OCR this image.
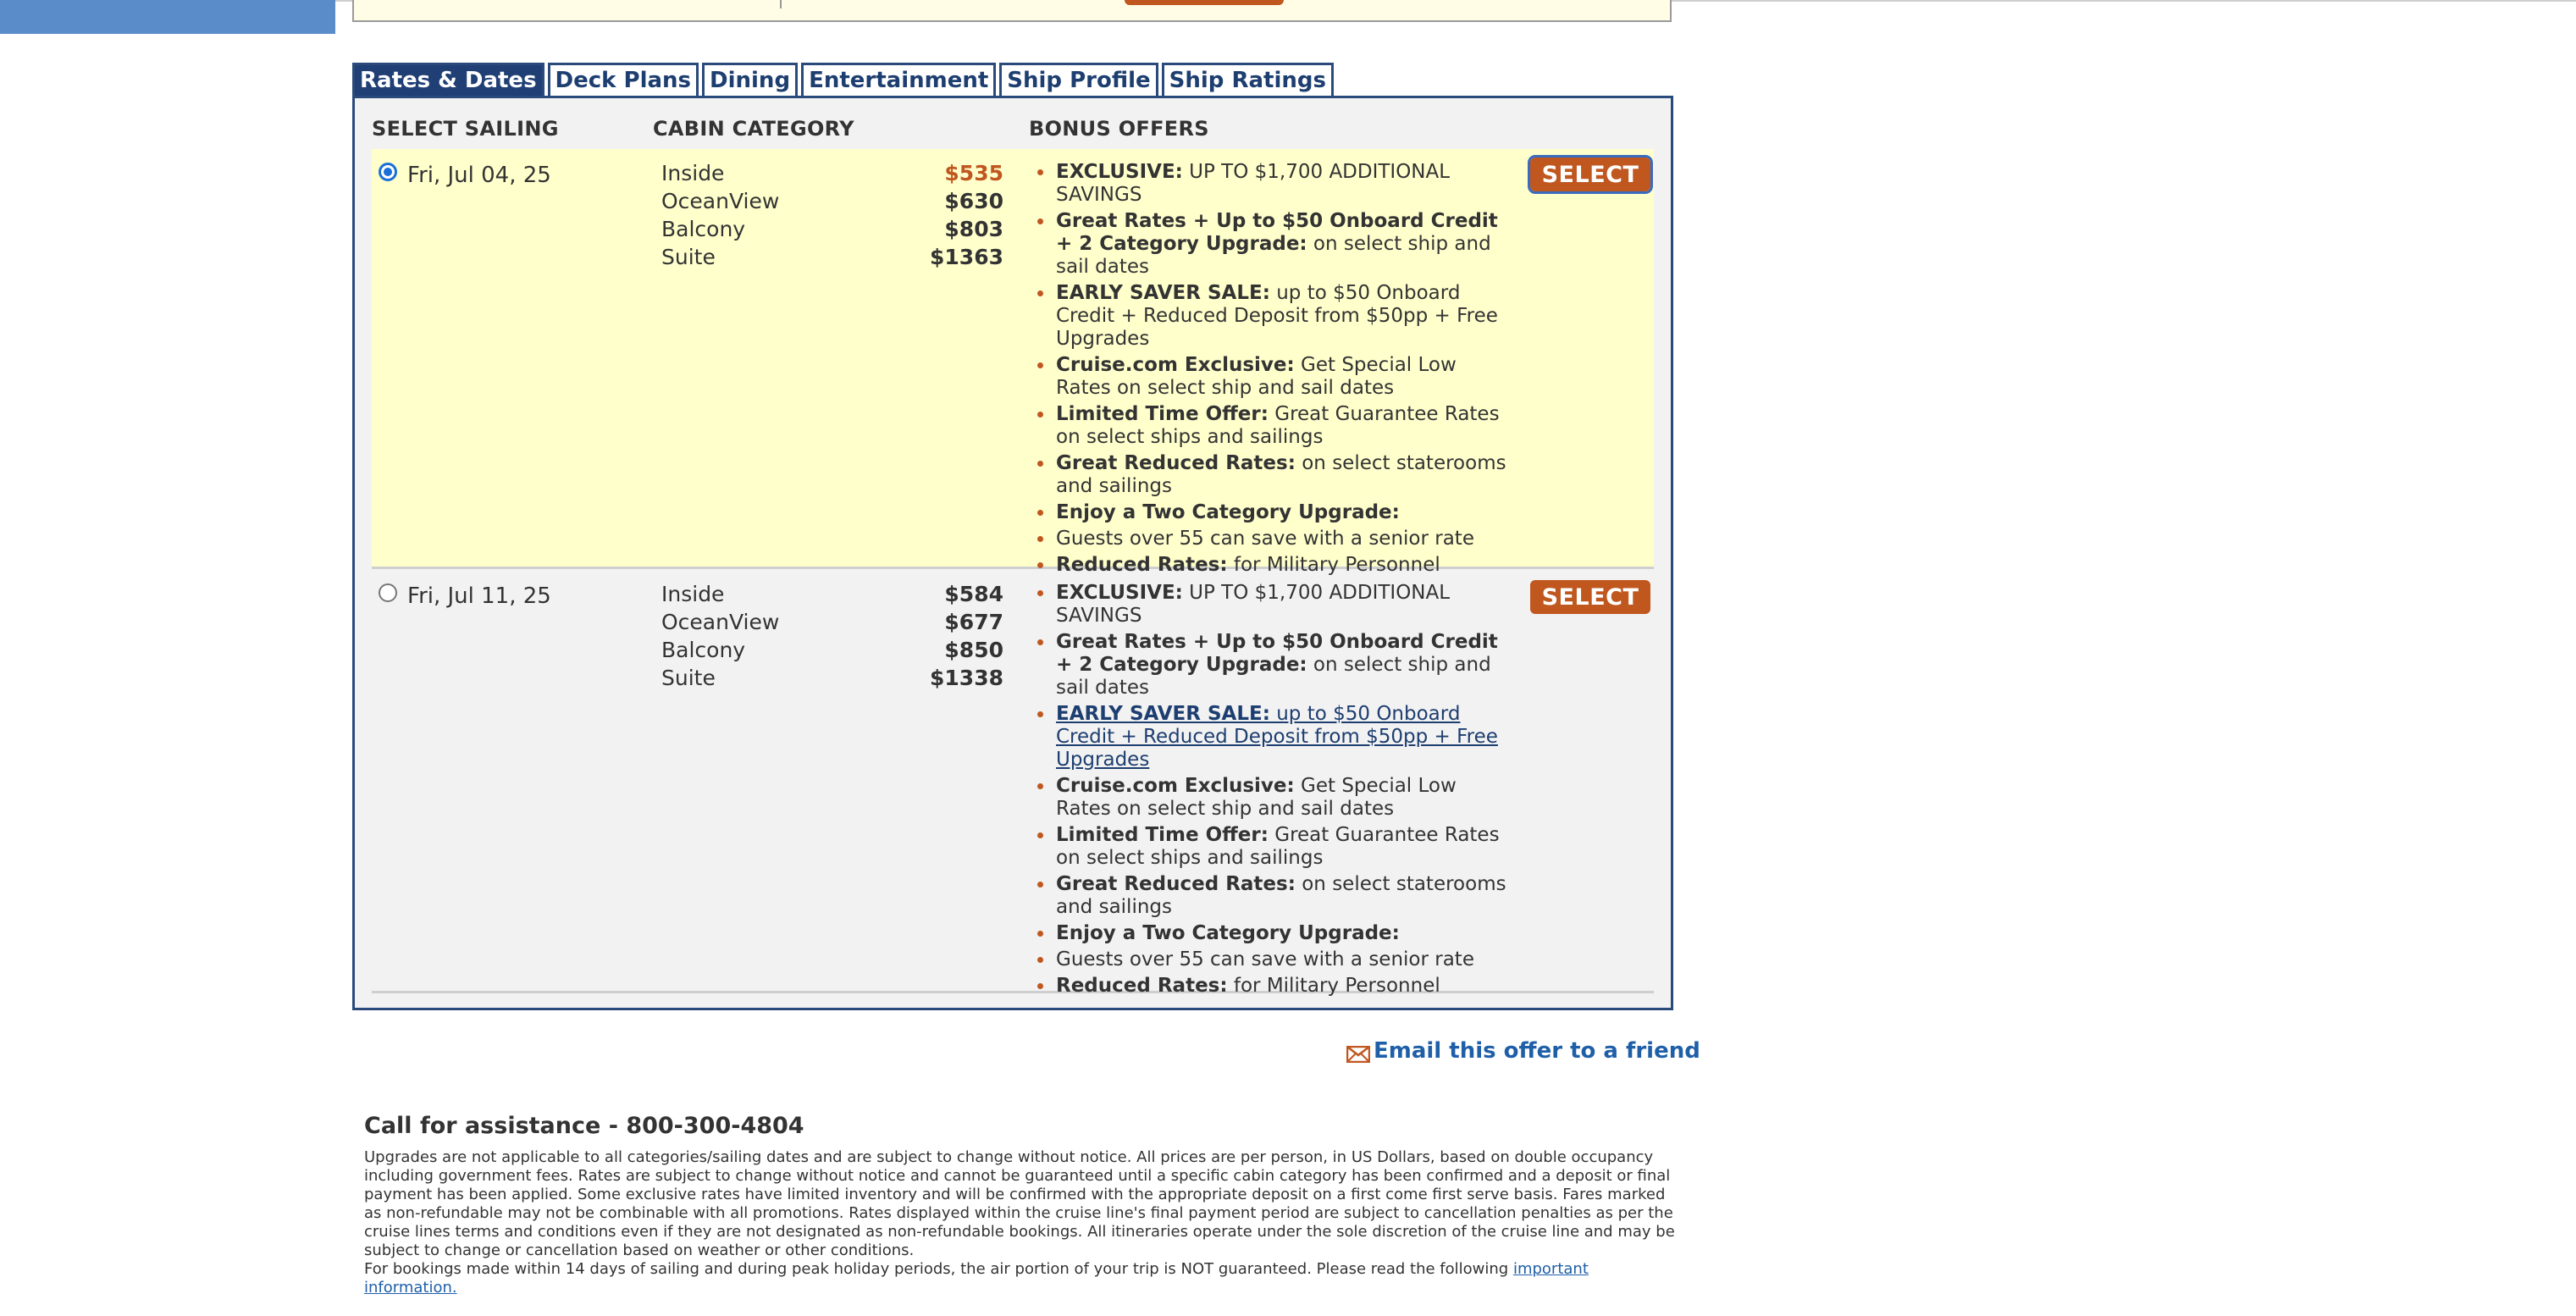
Rates & Dates Deck Plans Dining Entertainment Ship Profile Ship Ratings
SELECT SAILING	CABIN CATEGORY	BONUS OFFERS
Fri, Jul 04, 25	Inside	$535
OceanView	$630
Balcony	$803
Suite	$1363
EXCLUSIVE: UP TO $1,700 ADDITIONAL SAVINGS
Great Rates + Up to $50 Onboard Credit + 2 Category Upgrade: on select ship and sail dates
EARLY SAVER SALE: up to $50 Onboard Credit + Reduced Deposit from $50pp + Free Upgrades
Cruise.com Exclusive: Get Special Low Rates on select ship and sail dates
Limited Time Offer: Great Guarantee Rates on select ships and sailings
Great Reduced Rates: on select staterooms and sailings
Enjoy a Two Category Upgrade:
Guests over 55 can save with a senior rate
Reduced Rates: for Military Personnel
SELECT
Fri, Jul 11, 25	Inside	$584
OceanView	$677
Balcony	$850
Suite	$1338
EXCLUSIVE: UP TO $1,700 ADDITIONAL SAVINGS
Great Rates + Up to $50 Onboard Credit + 2 Category Upgrade: on select ship and sail dates
EARLY SAVER SALE: up to $50 Onboard Credit + Reduced Deposit from $50pp + Free Upgrades
Cruise.com Exclusive: Get Special Low Rates on select ship and sail dates
Limited Time Offer: Great Guarantee Rates on select ships and sailings
Great Reduced Rates: on select staterooms and sailings
Enjoy a Two Category Upgrade:
Guests over 55 can save with a senior rate
Reduced Rates: for Military Personnel
SELECT
Email this offer to a friend
Call for assistance - 800-300-4804

Upgrades are not applicable to all categories/sailing dates and are subject to change without notice. All prices are per person, in US Dollars, based on double occupancy including government fees. Rates are subject to change without notice and cannot be guaranteed until a specific cabin category has been confirmed and a deposit or final payment has been applied. Some exclusive rates have limited inventory and will be confirmed with the appropriate deposit on a first come first serve basis. Fares marked as non-refundable may not be combinable with all promotions. Rates displayed within the cruise line's final payment period are subject to cancellation penalties as per the cruise lines terms and conditions even if they are not designated as non-refundable bookings. All itineraries operate under the sole discretion of the cruise line and may be subject to change or cancellation based on weather or other conditions.

For bookings made within 14 days of sailing and during peak holiday periods, the air portion of your trip is NOT guaranteed. Please read the following important information.
